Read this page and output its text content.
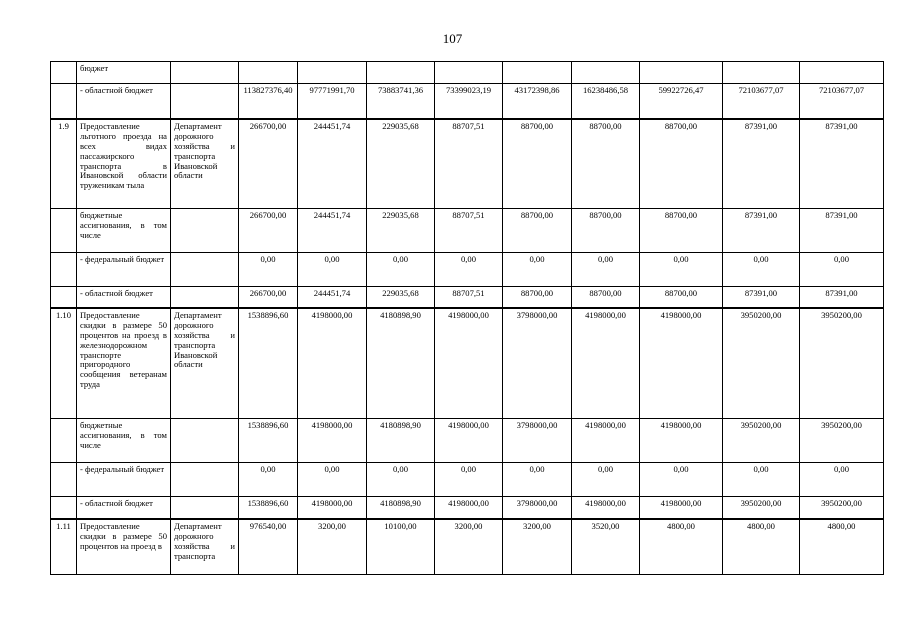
107
	бюджет										
	- областной бюджет		113827376,40	97771991,70	73883741,36	73399023,19	43172398,86	16238486,58	59922726,47	72103677,07	72103677,07
1.9	Предоставление льготного проезда на всех видах пассажирского транспорта в Ивановской области труженикам тыла	Департамент дорожного хозяйства и транспорта Ивановской области	266700,00	244451,74	229035,68	88707,51	88700,00	88700,00	88700,00	87391,00	87391,00
	бюджетные ассигнования, в том числе		266700,00	244451,74	229035,68	88707,51	88700,00	88700,00	88700,00	87391,00	87391,00
	- федеральный бюджет		0,00	0,00	0,00	0,00	0,00	0,00	0,00	0,00	0,00
	- областной бюджет		266700,00	244451,74	229035,68	88707,51	88700,00	88700,00	88700,00	87391,00	87391,00
1.10	Предоставление скидки в размере 50 процентов на проезд в железнодорожном транспорте пригородного сообщения ветеранам труда	Департамент дорожного хозяйства и транспорта Ивановской области	1538896,60	4198000,00	4180898,90	4198000,00	3798000,00	4198000,00	4198000,00	3950200,00	3950200,00
	бюджетные ассигнования, в том числе		1538896,60	4198000,00	4180898,90	4198000,00	3798000,00	4198000,00	4198000,00	3950200,00	3950200,00
	- федеральный бюджет		0,00	0,00	0,00	0,00	0,00	0,00	0,00	0,00	0,00
	- областной бюджет		1538896,60	4198000,00	4180898,90	4198000,00	3798000,00	4198000,00	4198000,00	3950200,00	3950200,00
1.11	Предоставление скидки в размере 50 процентов на проезд в	Департамент дорожного хозяйства и транспорта	976540,00	3200,00	10100,00	3200,00	3200,00	3520,00	4800,00	4800,00	4800,00
